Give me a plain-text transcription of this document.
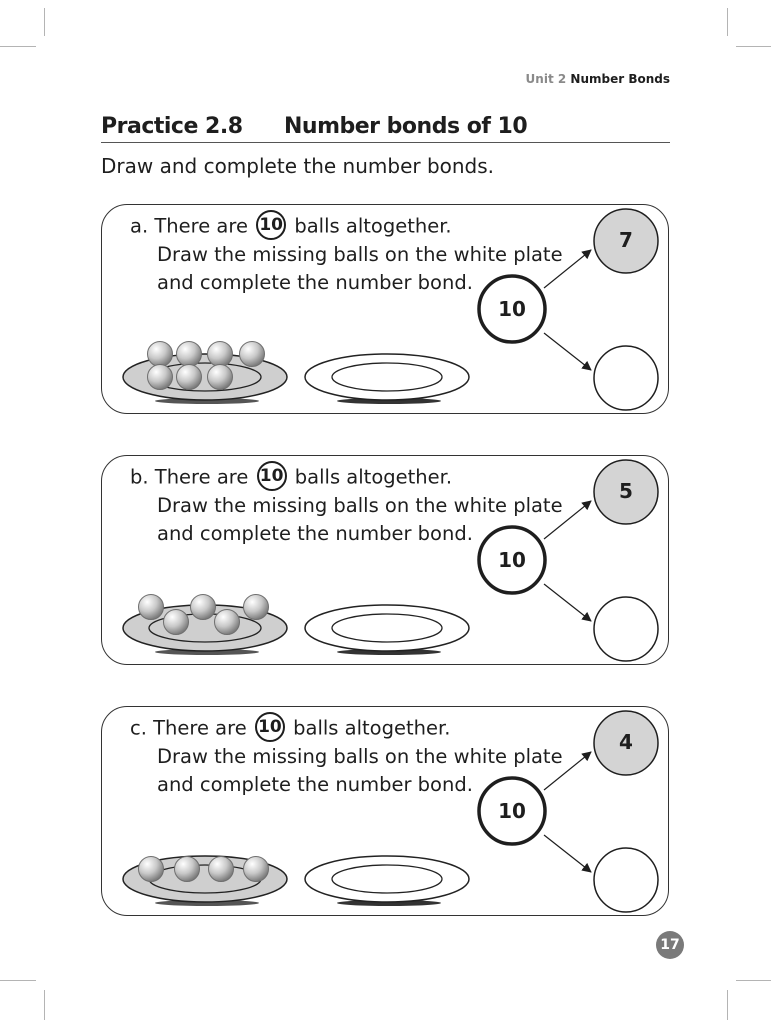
Unit 2 Number Bonds
Practice 2.8 Number bonds of 10
Draw and complete the number bonds.
a. There are 10 balls altogether.
Draw the missing balls on the white plate
and complete the number bond.
10
7
b. There are 10 balls altogether.
Draw the missing balls on the white plate
and complete the number bond.
10
5
c. There are 10 balls altogether.
Draw the missing balls on the white plate
and complete the number bond.
10
4
17
